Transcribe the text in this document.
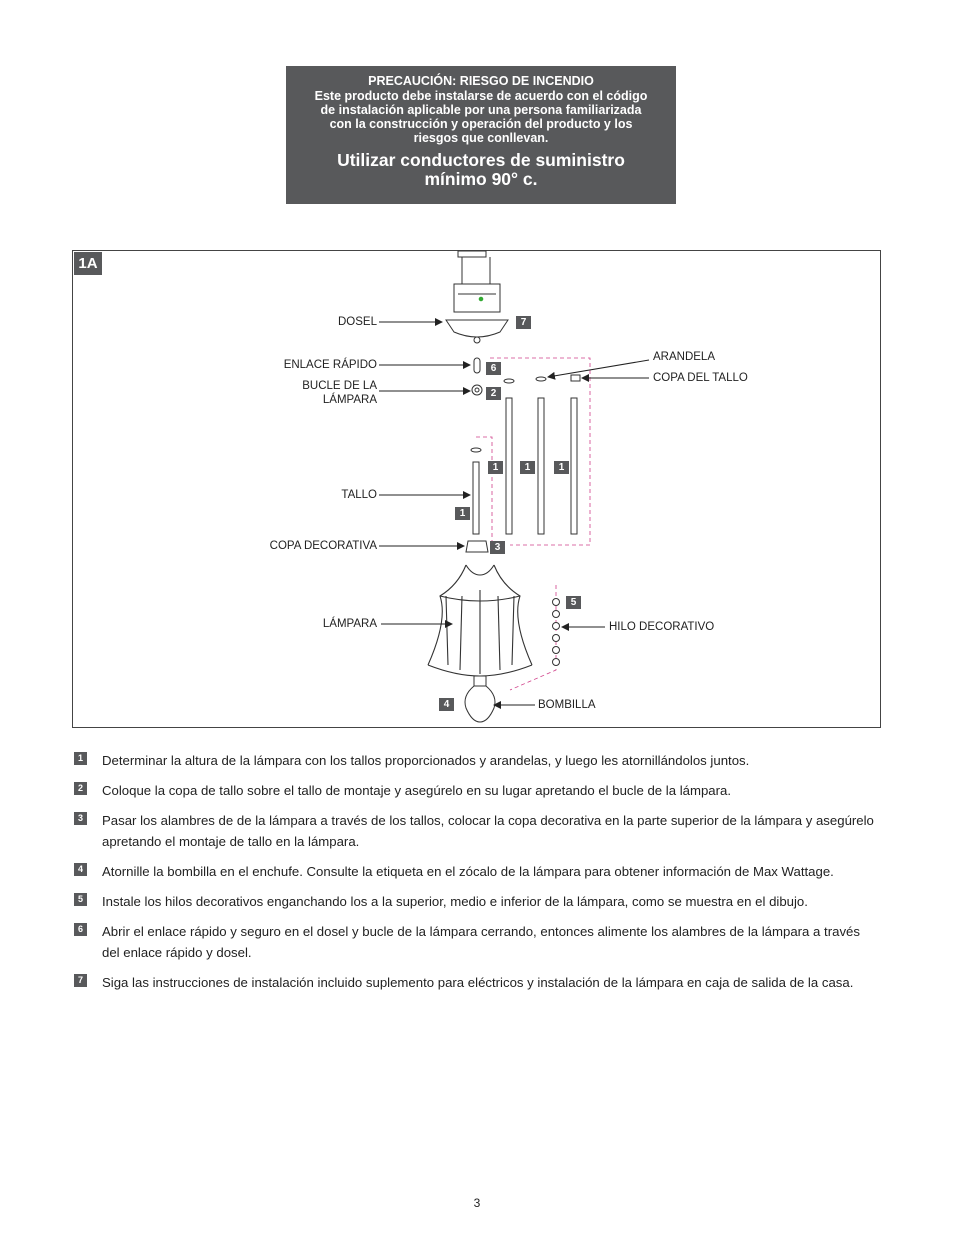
PRECAUCIÓN: RIESGO DE INCENDIO
Este producto debe instalarse de acuerdo con el código de instalación aplicable por una persona familiarizada con la construcción y operación del producto y los riesgos que conllevan.
Utilizar conductores de suministro mínimo 90° c.
1A
DOSEL
ENLACE RÁPIDO
BUCLE DE LA LÁMPARA
TALLO
COPA DECORATIVA
LÁMPARA
ARANDELA
COPA DEL TALLO
HILO DECORATIVO
BOMBILLA
7
6
2
1	1	1
1
3
5
4
1	Determinar la altura de la lámpara con los tallos proporcionados y arandelas, y luego les atornillándolos juntos.
2	Coloque la copa de tallo sobre el tallo de montaje y asegúrelo en su lugar apretando el bucle de la lámpara.
3	Pasar los alambres de de la lámpara a través de los tallos, colocar la copa decorativa en la parte superior de la lámpara y asegúrelo apretando el montaje de tallo en la lámpara.
4	Atornille la bombilla en el enchufe. Consulte la etiqueta en el zócalo de la lámpara para obtener información de Max Wattage.
5	Instale los hilos decorativos enganchando los a la superior, medio e inferior de la lámpara, como se muestra en el dibujo.
6	Abrir el enlace rápido y seguro en el dosel y bucle de la lámpara cerrando, entonces alimente los alambres de la lámpara a través del enlace rápido y dosel.
7	Siga las instrucciones de instalación incluido suplemento para eléctricos y instalación de la lámpara en caja de salida de la casa.
3
